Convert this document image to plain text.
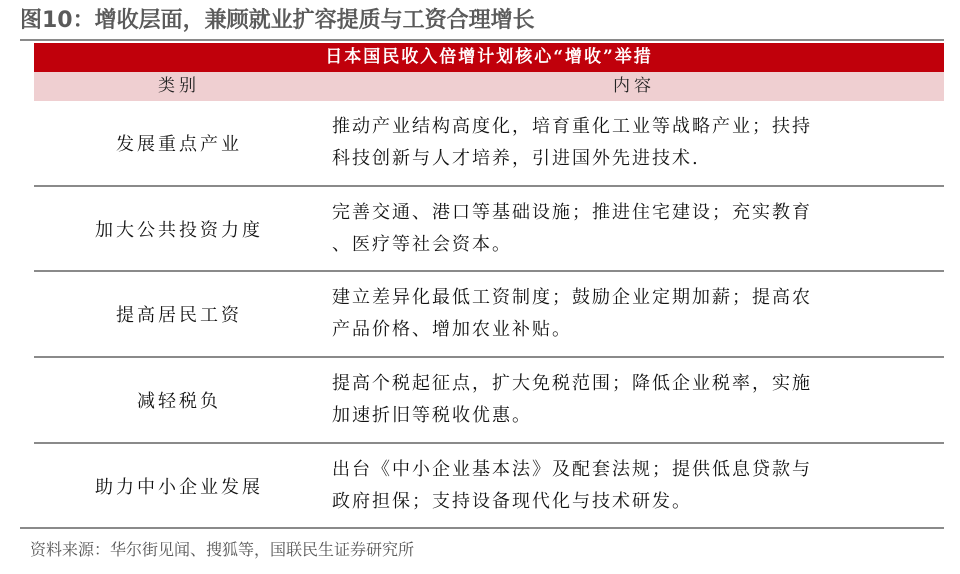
图10：增收层面，兼顾就业扩容提质与工资合理增长
日本国民收入倍增计划核心“增收”举措
类别	内容
发展重点产业
推动产业结构高度化，培育重化工业等战略产业；扶持
科技创新与人才培养，引进国外先进技术.
加大公共投资力度
完善交通、港口等基础设施；推进住宅建设；充实教育
、医疗等社会资本。
提高居民工资
建立差异化最低工资制度；鼓励企业定期加薪；提高农
产品价格、增加农业补贴。
减轻税负
提高个税起征点，扩大免税范围；降低企业税率，实施
加速折旧等税收优惠。
助力中小企业发展
出台《中小企业基本法》及配套法规；提供低息贷款与
政府担保；支持设备现代化与技术研发。
资料来源：华尔街见闻、搜狐等，国联民生证券研究所
